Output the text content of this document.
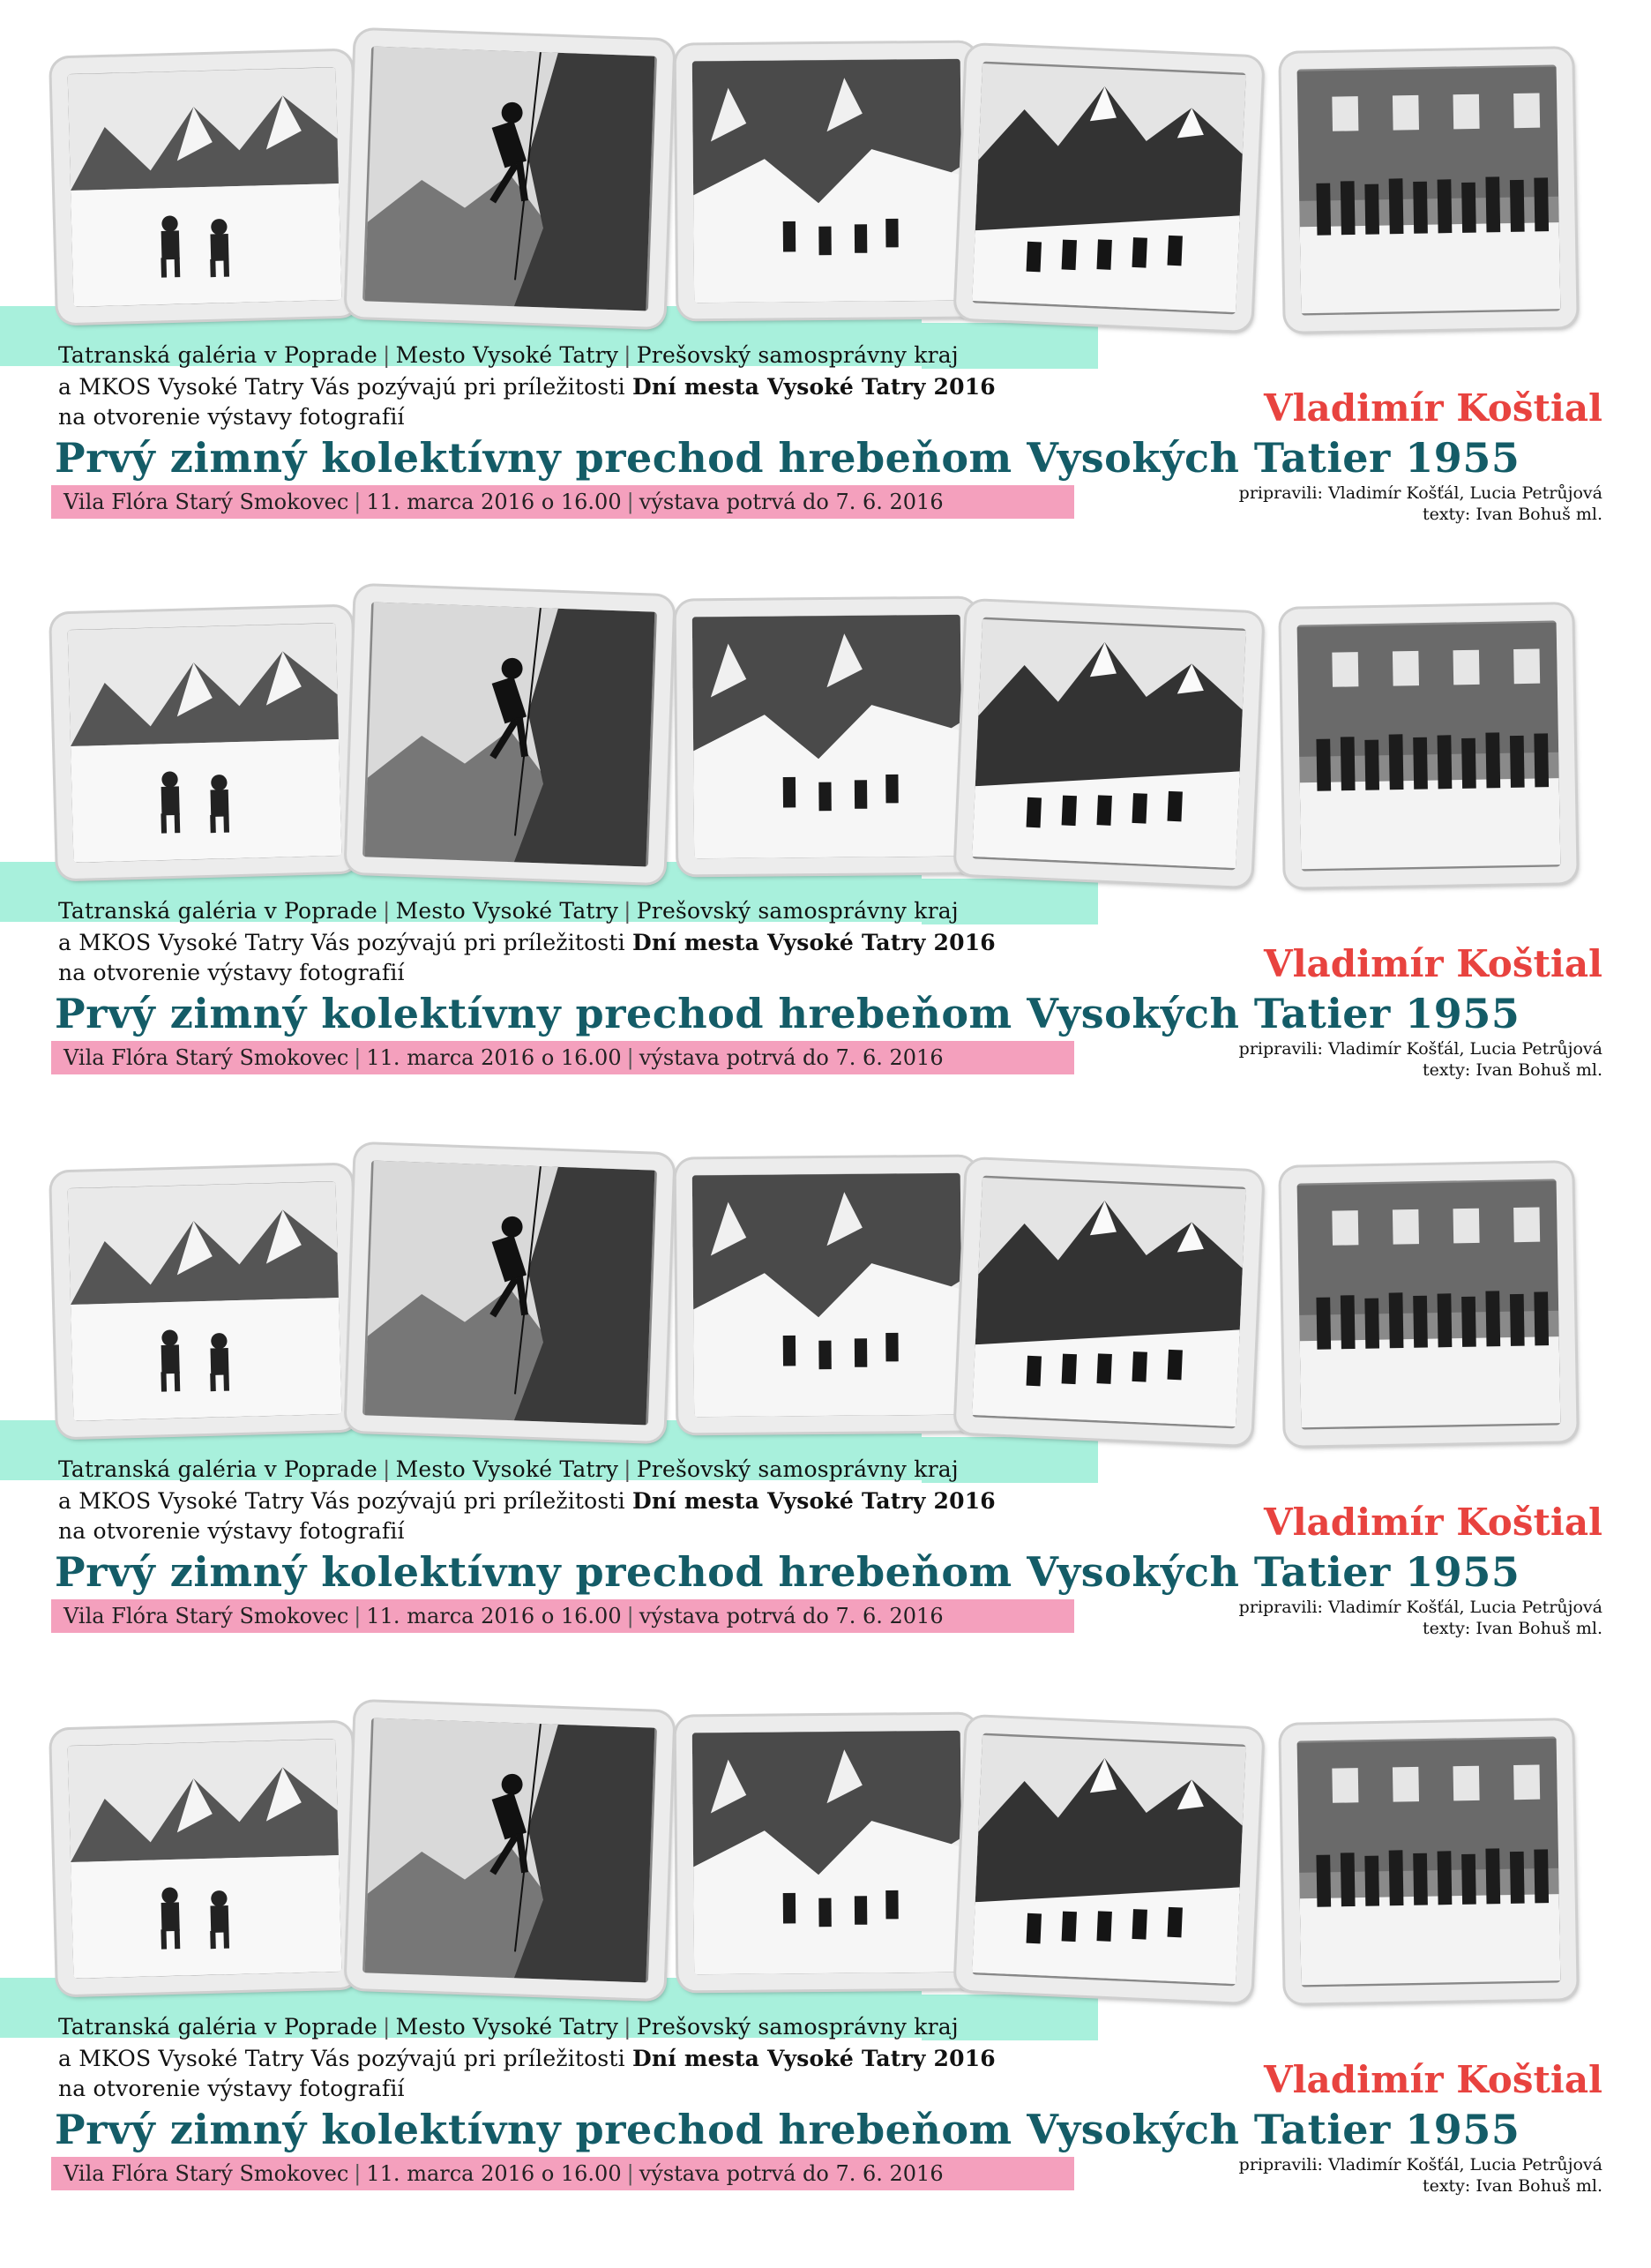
Tatranská galéria v Poprade | Mesto Vysoké Tatry | Prešovský samosprávny kraj
a MKOS Vysoké Tatry Vás pozývajú pri príležitosti Dní mesta Vysoké Tatry 2016
na otvorenie výstavy fotografií	Vladimír Koštial
Prvý zimný kolektívny prechod hrebeňom Vysokých Tatier 1955
Vila Flóra Starý Smokovec | 11. marca 2016 o 16.00 | výstava potrvá do 7. 6. 2016	pripravili: Vladimír Košťál, Lucia Petrůjová
texty: Ivan Bohuš ml.
Tatranská galéria v Poprade | Mesto Vysoké Tatry | Prešovský samosprávny kraj
a MKOS Vysoké Tatry Vás pozývajú pri príležitosti Dní mesta Vysoké Tatry 2016
na otvorenie výstavy fotografií	Vladimír Koštial
Prvý zimný kolektívny prechod hrebeňom Vysokých Tatier 1955
Vila Flóra Starý Smokovec | 11. marca 2016 o 16.00 | výstava potrvá do 7. 6. 2016	pripravili: Vladimír Košťál, Lucia Petrůjová
texty: Ivan Bohuš ml.
Tatranská galéria v Poprade | Mesto Vysoké Tatry | Prešovský samosprávny kraj
a MKOS Vysoké Tatry Vás pozývajú pri príležitosti Dní mesta Vysoké Tatry 2016
na otvorenie výstavy fotografií	Vladimír Koštial
Prvý zimný kolektívny prechod hrebeňom Vysokých Tatier 1955
Vila Flóra Starý Smokovec | 11. marca 2016 o 16.00 | výstava potrvá do 7. 6. 2016	pripravili: Vladimír Košťál, Lucia Petrůjová
texty: Ivan Bohuš ml.
Tatranská galéria v Poprade | Mesto Vysoké Tatry | Prešovský samosprávny kraj
a MKOS Vysoké Tatry Vás pozývajú pri príležitosti Dní mesta Vysoké Tatry 2016
na otvorenie výstavy fotografií	Vladimír Koštial
Prvý zimný kolektívny prechod hrebeňom Vysokých Tatier 1955
Vila Flóra Starý Smokovec | 11. marca 2016 o 16.00 | výstava potrvá do 7. 6. 2016	pripravili: Vladimír Košťál, Lucia Petrůjová
texty: Ivan Bohuš ml.
